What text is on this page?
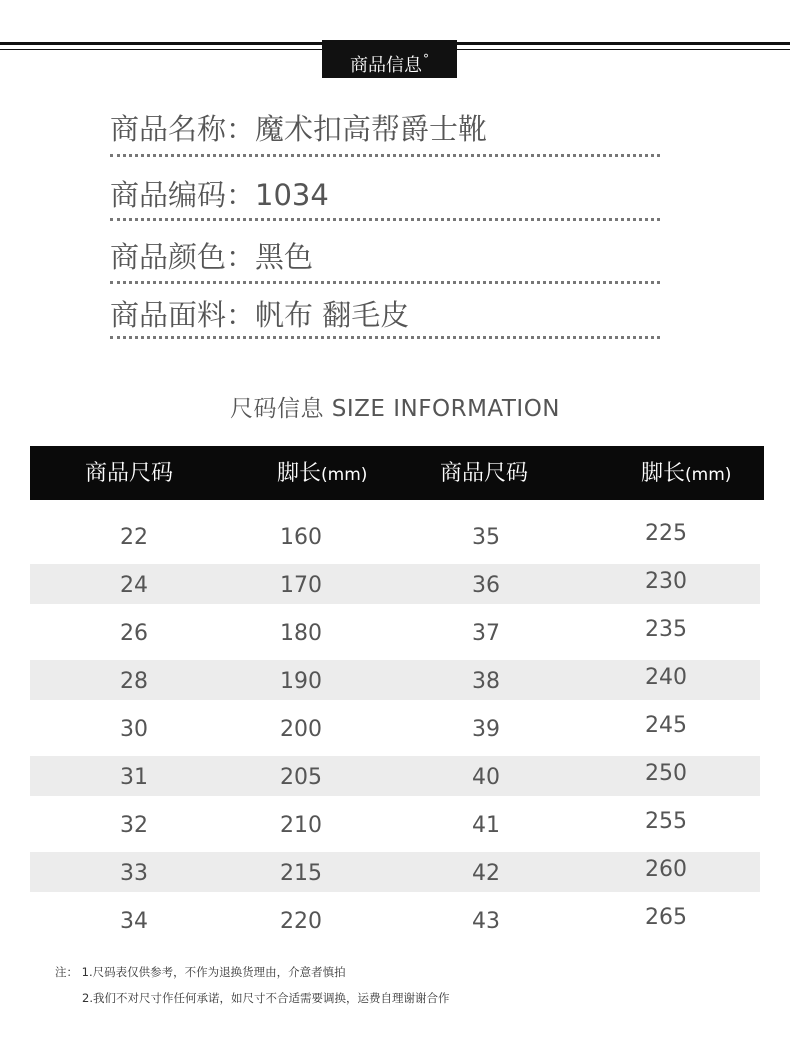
商品信息°
商品名称：魔术扣高帮爵士靴
商品编码：1034
商品颜色：黑色
商品面料：帆布 翻毛皮
尺码信息 SIZE INFORMATION
商品尺码	脚长(mm)	商品尺码	脚长(mm)
22	160	35	225
24	170	36	230
26	180	37	235
28	190	38	240
30	200	39	245
31	205	40	250
32	210	41	255
33	215	42	260
34	220	43	265
注： 1.尺码表仅供参考，不作为退换货理由，介意者慎拍
2.我们不对尺寸作任何承诺，如尺寸不合适需要调换，运费自理谢谢合作
